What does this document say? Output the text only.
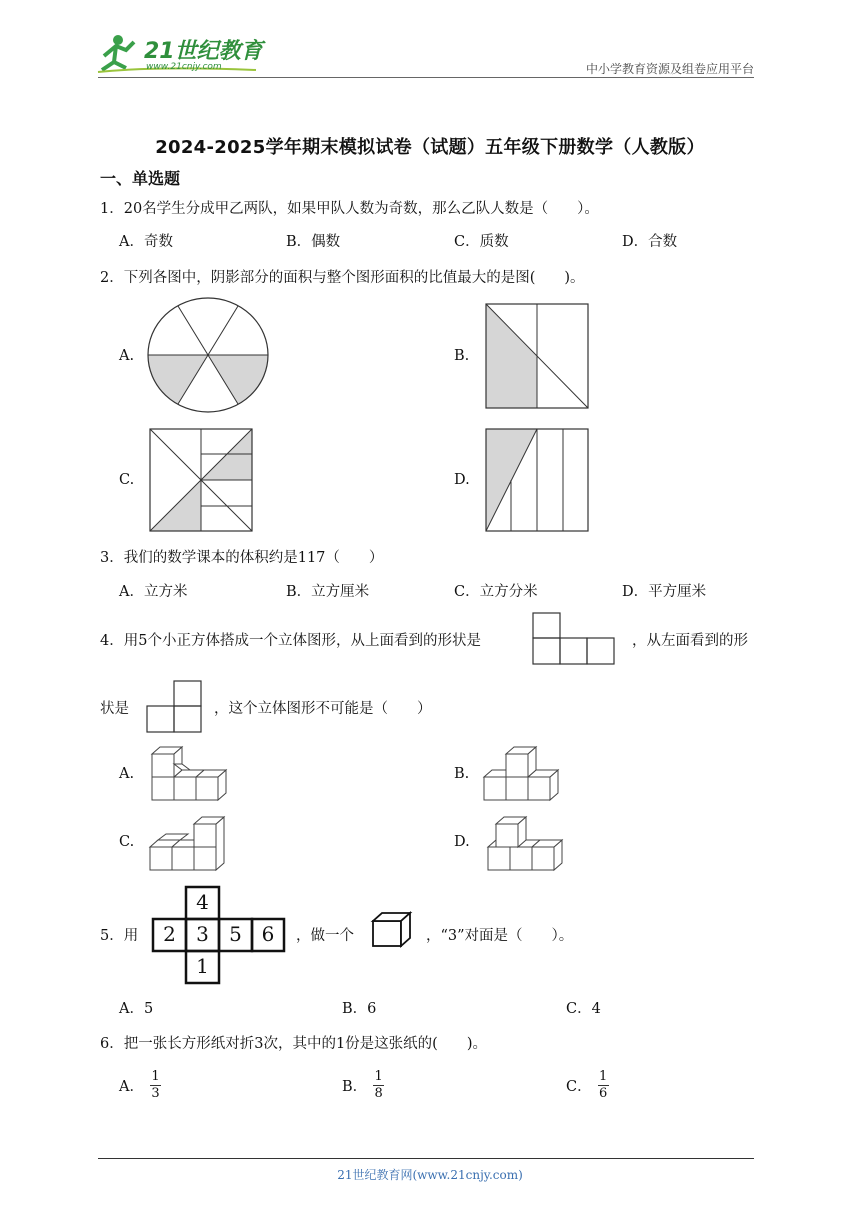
21世纪教育
www.21cnjy.com	中小学教育资源及组卷应用平台
2024-2025学年期末模拟试卷（试题）五年级下册数学（人教版）
一、单选题
1．20名学生分成甲乙两队，如果甲队人数为奇数，那么乙队人数是（　　）。
A．奇数	B．偶数	C．质数	D．合数
2．下列各图中，阴影部分的面积与整个图形面积的比值最大的是图(　　)。
A.	B.
C.	D.
3．我们的数学课本的体积约是117（　　）
A．立方米	B．立方厘米	C．立方分米	D．平方厘米
4．用5个小正方体搭成一个立体图形，从上面看到的形状是	，从左面看到的形
状是	，这个立体图形不可能是（　　）
A.	B.
C.	D.
5．用
4
2	3	5 6
1
，做一个	，“3”对面是（　　）。
A．5	B．6	C．4
6．把一张长方形纸对折3次，其中的1份是这张纸的(　　)。
A．
1
3	B．
1
8	C．
1
6
21世纪教育网(www.21cnjy.com)
